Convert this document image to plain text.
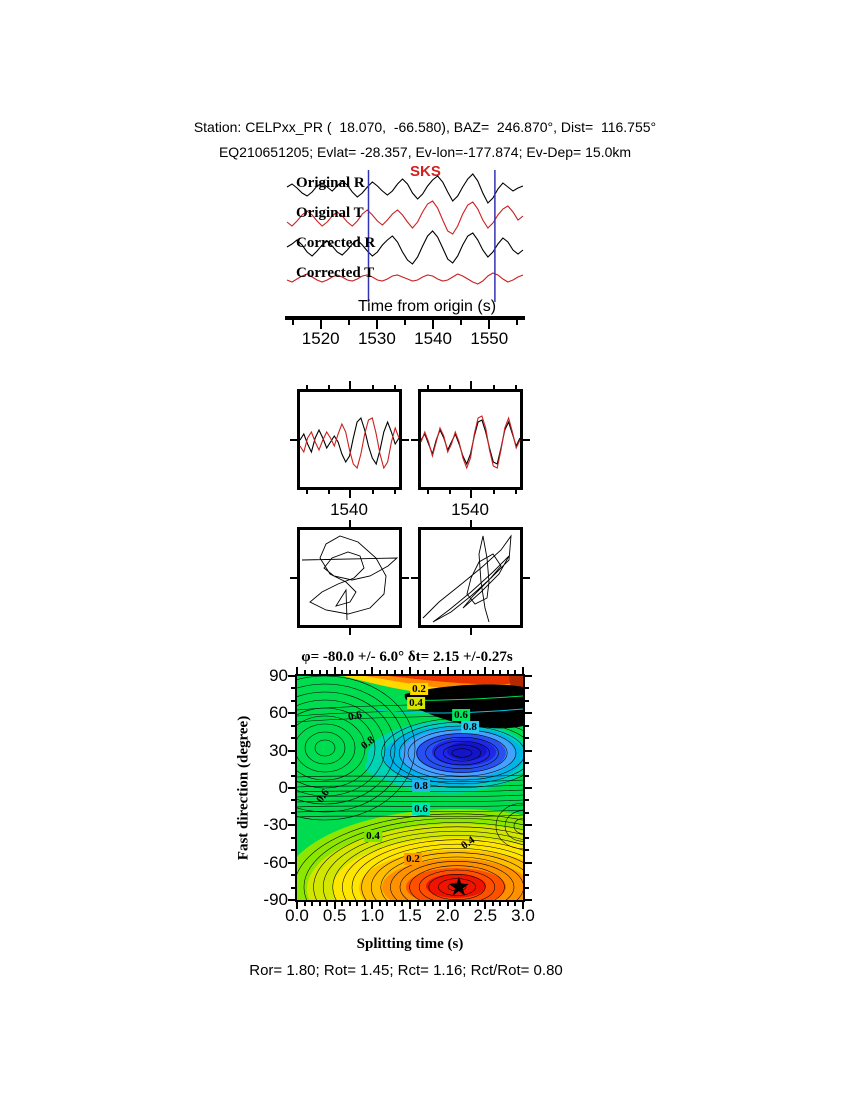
Station: CELPxx_PR (  18.070,  -66.580), BAZ=  246.870°, Dist=  116.755°
EQ210651205; Evlat= -28.357, Ev-lon=-177.874; Ev-Dep= 15.0km
SKS
Original R
Original T
Corrected R
Corrected T
Time from origin (s)
1520 1530 1540 1550
1540	1540
φ= -80.0 +/- 6.0° δt= 2.15 +/-0.27s
Fast direction (degree)
0.2
0.4
0.6
0.8
0.6
0.8
0.8
0.6
0.6
0.4	0.4
0.2
★
0.0 0.5 1.0 1.5 2.0 2.5 3.0
90
60
30
0
-30
-60
-90
Splitting time (s)
Ror= 1.80; Rot= 1.45; Rct= 1.16; Rct/Rot= 0.80
